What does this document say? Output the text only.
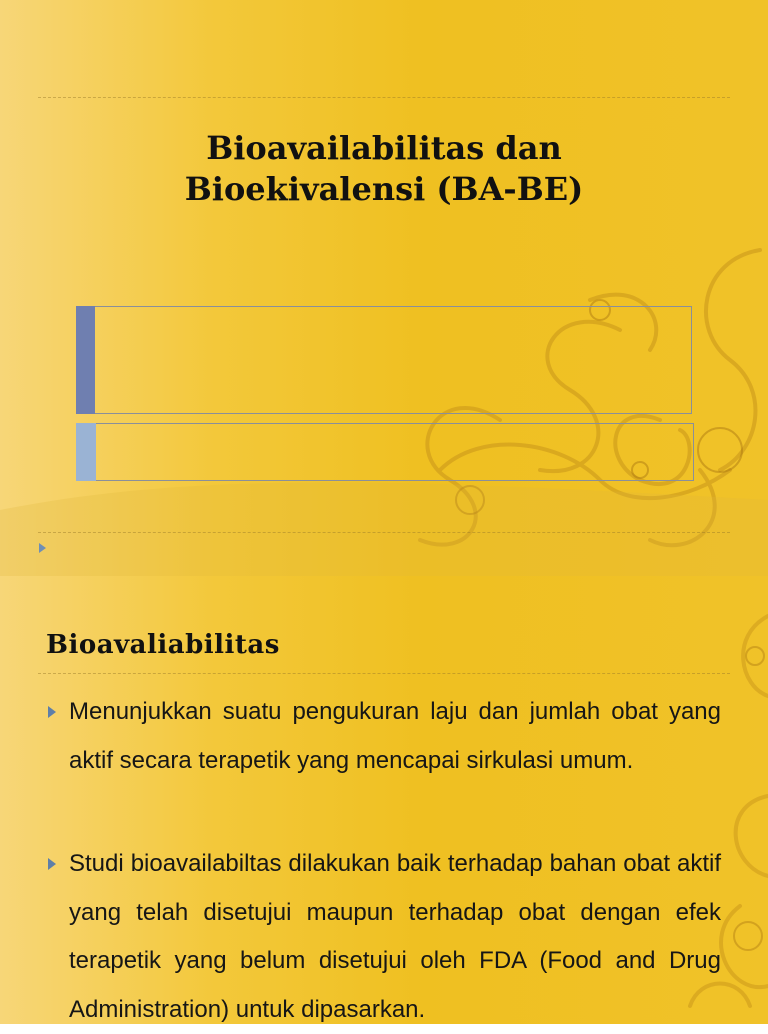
Bioavailabilitas dan Bioekivalensi (BA-BE)
Bioavaliabilitas

Menunjukkan suatu pengukuran laju dan jumlah obat yang aktif secara terapetik yang mencapai sirkulasi umum.

Studi bioavailabiltas dilakukan baik terhadap bahan obat aktif yang telah disetujui maupun terhadap obat dengan efek terapetik yang belum disetujui oleh FDA (Food and Drug Administration) untuk dipasarkan.
